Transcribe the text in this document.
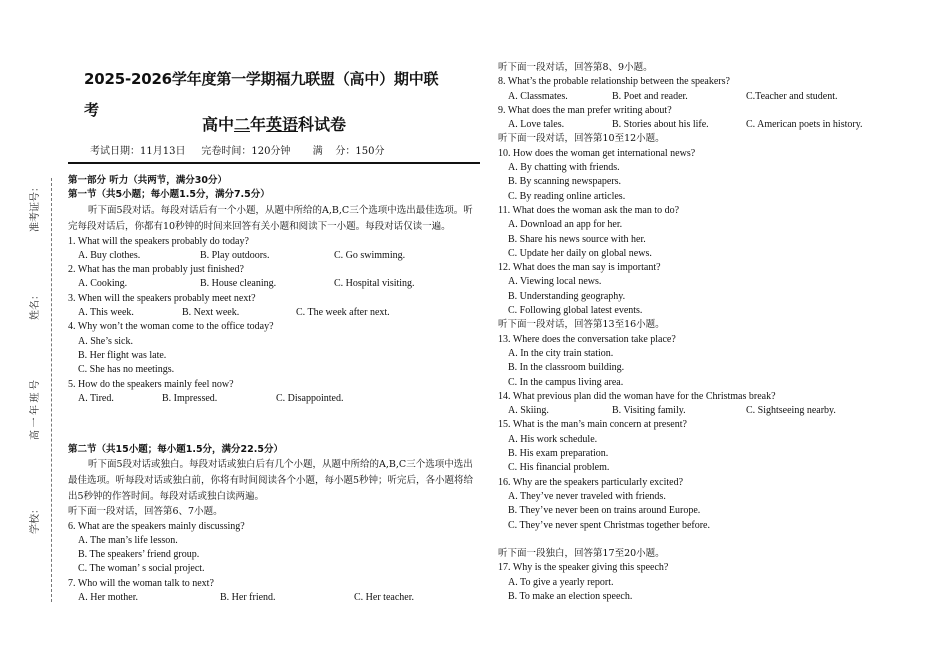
准考证号：
姓名：
高 一 年 班 号
学校：
2025-2026学年度第一学期福九联盟（高中）期中联
考
高中二年英语科试卷
考试日期：11月13日     完卷时间：120分钟       满    分：150分
第一部分 听力（共两节，满分30分）
第一节（共5小题；每小题1.5分，满分7.5分）
听下面5段对话。每段对话后有一个小题，从题中所给的A,B,C三个选项中选出最佳选项。听完每段对话后，你都有10秒钟的时间来回答有关小题和阅读下一小题。每段对话仅读一遍。
1. What will the speakers probably do today?
A. Buy clothes.	B. Play outdoors.	C. Go swimming.
2. What has the man probably just finished?
A. Cooking.	B. House cleaning.	C. Hospital visiting.
3. When will the speakers probably meet next?
A. This week.	B. Next week.	C. The week after next.
4. Why won’t the woman come to the office today?
A. She’s sick.
B. Her flight was late.
C. She has no meetings.
5. How do the speakers mainly feel now?
A. Tired.	B. Impressed.	C. Disappointed.
第二节（共15小题；每小题1.5分，满分22.5分）
听下面5段对话或独白。每段对话或独白后有几个小题，从题中所给的A,B,C三个选项中选出最佳选项。听每段对话或独白前，你将有时间阅读各个小题，每小题5秒钟；听完后，各小题将给出5秒钟的作答时间。每段对话或独白读两遍。
听下面一段对话，回答第6、7小题。
6. What are the speakers mainly discussing?
A. The man’s life lesson.
B. The speakers’ friend group.
C. The woman’ s social project.
7. Who will the woman talk to next?
A. Her mother.	B. Her friend.	C. Her teacher.
听下面一段对话，回答第8、9小题。
8. What’s the probable relationship between the speakers?
A. Classmates.	B. Poet and reader.	C.Teacher and student.
9. What does the man prefer writing about?
A. Love tales.	B. Stories about his life.	C. American poets in history.
听下面一段对话，回答第10至12小题。
10. How does the woman get international news?
A. By chatting with friends.
B. By scanning newspapers.
C. By reading online articles.
11. What does the woman ask the man to do?
A. Download an app for her.
B. Share his news source with her.
C. Update her daily on global news.
12. What does the man say is important?
A. Viewing local news.
B. Understanding geography.
C. Following global latest events.
听下面一段对话，回答第13至16小题。
13. Where does the conversation take place?
A. In the city train station.
B. In the classroom building.
C. In the campus living area.
14. What previous plan did the woman have for the Christmas break?
A. Skiing.	B. Visiting family.	C. Sightseeing nearby.
15. What is the man’s main concern at present?
A. His work schedule.
B. His exam preparation.
C. His financial problem.
16. Why are the speakers particularly excited?
A. They’ve never traveled with friends.
B. They’ve never been on trains around Europe.
C. They’ve never spent Christmas together before.
听下面一段独白，回答第17至20小题。
17. Why is the speaker giving this speech?
A. To give a yearly report.
B. To make an election speech.
